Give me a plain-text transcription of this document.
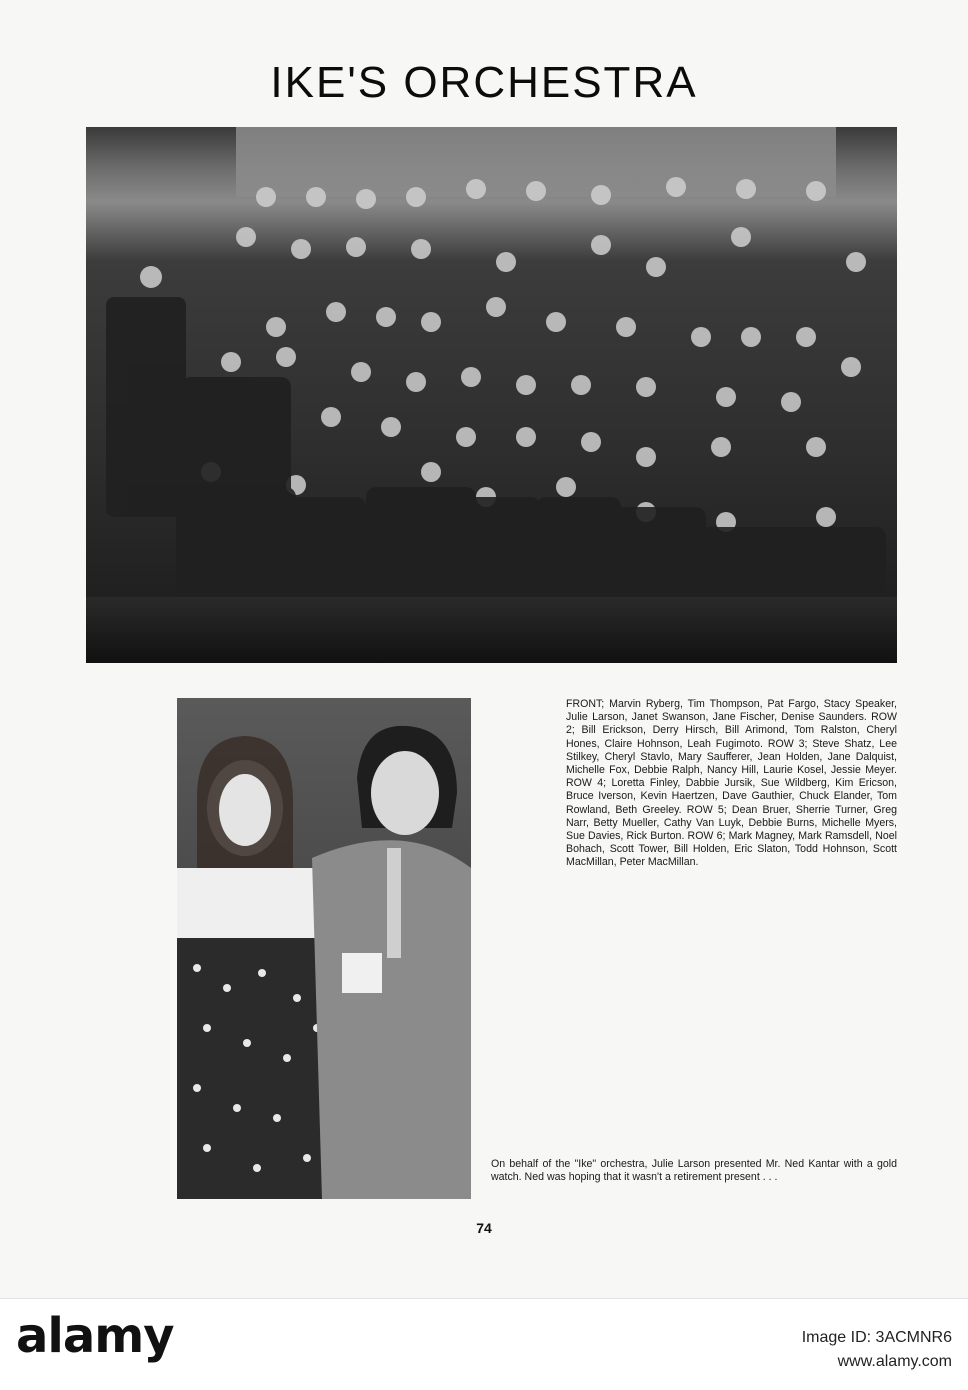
IKE'S ORCHESTRA
FRONT; Marvin Ryberg, Tim Thompson, Pat Fargo, Stacy Speaker, Julie Larson, Janet Swanson, Jane Fischer, Denise Saunders. ROW 2; Bill Erickson, Derry Hirsch, Bill Arimond, Tom Ralston, Cheryl Hones, Claire Hohnson, Leah Fugimoto. ROW 3; Steve Shatz, Lee Stilkey, Cheryl Stavlo, Mary Saufferer, Jean Holden, Jane Dalquist, Michelle Fox, Debbie Ralph, Nancy Hill, Laurie Kosel, Jessie Meyer. ROW 4; Loretta Finley, Dabbie Jursik, Sue Wildberg, Kim Ericson, Bruce Iverson, Kevin Haertzen, Dave Gauthier, Chuck Elander, Tom Rowland, Beth Greeley. ROW 5; Dean Bruer, Sherrie Turner, Greg Narr, Betty Mueller, Cathy Van Luyk, Debbie Burns, Michelle Myers, Sue Davies, Rick Burton. ROW 6; Mark Magney, Mark Ramsdell, Noel Bohach, Scott Tower, Bill Holden, Eric Slaton, Todd Hohnson, Scott MacMillan, Peter MacMillan.
On behalf of the "Ike" orchestra, Julie Larson presented Mr. Ned Kantar with a gold watch. Ned was hoping that it wasn't a retirement present . . .
74
alamy	Image ID: 3ACMNR6
www.alamy.com
